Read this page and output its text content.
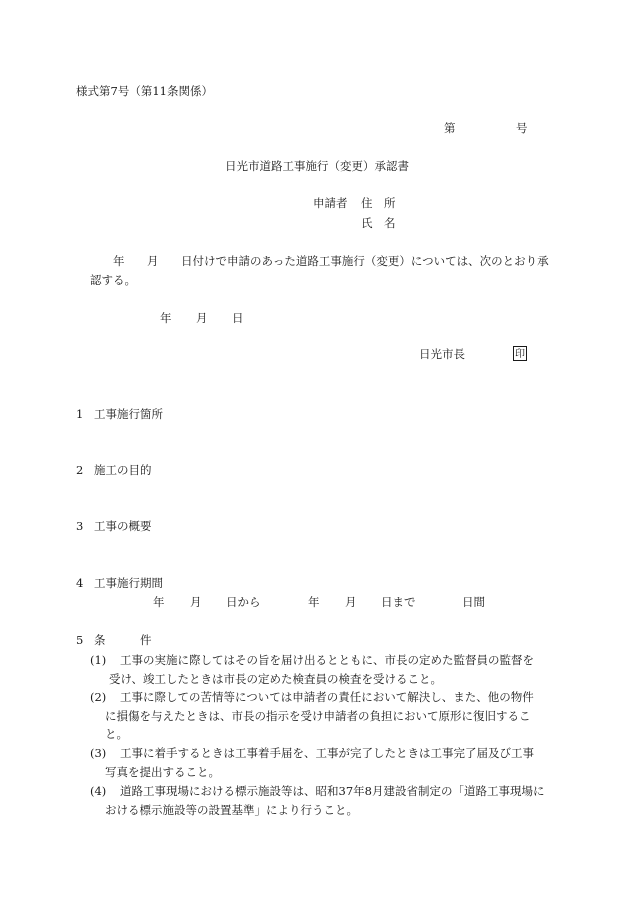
様式第7号（第11条関係）
第	号
日光市道路工事施行（変更）承認書
申請者 住　所
氏　名
年 月 日付けで申請のあった道路工事施行（変更）については、次のとおり承
認する。
年 月 日
日光市長	印
1 工事施行箇所
2 施工の目的
3 工事の概要
4 工事施行期間
年 月 日から	年 月 日まで	日間
5 条　　　件
(1) 工事の実施に際してはその旨を届け出るとともに、市長の定めた監督員の監督を
受け、竣工したときは市長の定めた検査員の検査を受けること。
(2) 工事に際しての苦情等については申請者の責任において解決し、また、他の物件
に損傷を与えたときは、市長の指示を受け申請者の負担において原形に復旧するこ
と。
(3) 工事に着手するときは工事着手届を、工事が完了したときは工事完了届及び工事
写真を提出すること。
(4) 道路工事現場における標示施設等は、昭和37年8月建設省制定の「道路工事現場に
おける標示施設等の設置基準」により行うこと。
